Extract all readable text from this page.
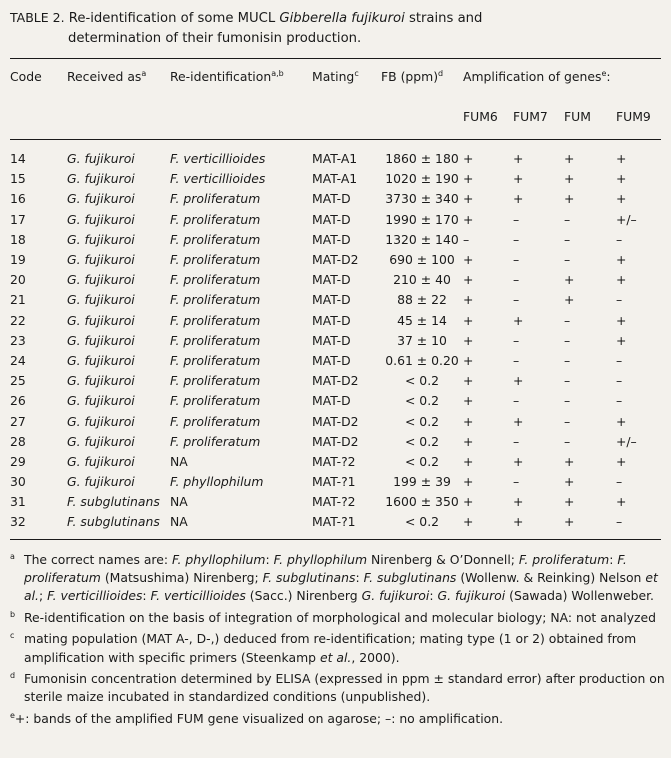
TABLE 2. Re-identification of some MUCL Gibberella fujikuroi strains and
determination of their fumonisin production.
Code	Received $as^a$	Re-identification$^{a,b}$	Mating$^c$	FB (ppm)$^d$	Amplification of genes$^e$:			
					FUM6	FUM7	FUM	FUM9
14	G. fujikuroi	F. verticillioides	MAT-A1	1860 ± 180	+	+	+	+
15	G. fujikuroi	F. verticillioides	MAT-A1	1020 ± 190	+	+	+	+
16	G. fujikuroi	F. proliferatum	MAT-D	3730 ± 340	+	+	+	+
17	G. fujikuroi	F. proliferatum	MAT-D	1990 ± 170	+	–	–	+/–
18	G. fujikuroi	F. proliferatum	MAT-D	1320 ± 140	–	–	–	–
19	G. fujikuroi	F. proliferatum	MAT-D2	690 ± 100	+	–	–	+
20	G. fujikuroi	F. proliferatum	MAT-D	210 ± 40	+	–	+	+
21	G. fujikuroi	F. proliferatum	MAT-D	88 ± 22	+	–	+	–
22	G. fujikuroi	F. proliferatum	MAT-D	45 ± 14	+	+	–	+
23	G. fujikuroi	F. proliferatum	MAT-D	37 ± 10	+	–	–	+
24	G. fujikuroi	F. proliferatum	MAT-D	0.61 ± 0.20	+	–	–	–
25	G. fujikuroi	F. proliferatum	MAT-D2	< 0.2	+	+	–	–
26	G. fujikuroi	F. proliferatum	MAT-D	< 0.2	+	–	–	–
27	G. fujikuroi	F. proliferatum	MAT-D2	< 0.2	+	+	–	+
28	G. fujikuroi	F. proliferatum	MAT-D2	< 0.2	+	–	–	+/–
29	G. fujikuroi	NA	MAT-?2	< 0.2	+	+	+	+
30	G. fujikuroi	F. phyllophilum	MAT-?1	199 ± 39	+	–	+	–
31	F. subglutinans	NA	MAT-?2	1600 ± 350	+	+	+	+
32	F. subglutinans	NA	MAT-?1	< 0.2	+	+	+	–
a The correct names are: F. phyllophilum: F. phyllophilum Nirenberg & O’Donnell; F. proliferatum: F. proliferatum (Matsushima) Nirenberg; F. subglutinans: F. subglutinans (Wollenw. & Reinking) Nelson et al.; F. verticillioides: F. verticillioides (Sacc.) Nirenberg G. fujikuroi: G. fujikuroi (Sawada) Wollenweber.
b Re-identification on the basis of integration of morphological and molecular biology; NA: not analyzed
c mating population (MAT A-, D-,) deduced from re-identification; mating type (1 or 2) obtained from amplification with specific primers (Steenkamp et al., 2000).
d Fumonisin concentration determined by ELISA (expressed in ppm ± standard error) after production on sterile maize incubated in standardized conditions (unpublished).
$^e$+: bands of the amplified FUM gene visualized on agarose; –: no amplification.
